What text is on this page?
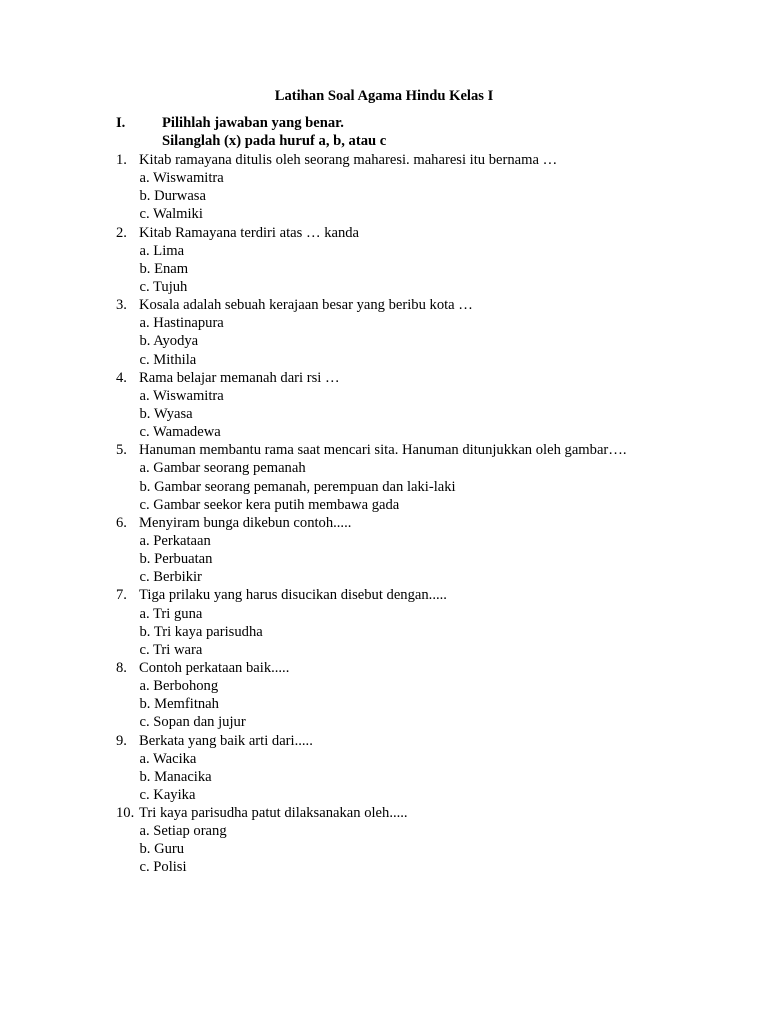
Latihan Soal Agama Hindu Kelas I
I.	Pilihlah jawaban yang benar.
Silanglah (x) pada huruf a, b, atau c
1. Kitab ramayana ditulis oleh seorang maharesi. maharesi itu bernama …
a. Wiswamitra
b. Durwasa
c. Walmiki
2. Kitab Ramayana terdiri atas … kanda
a. Lima
b. Enam
c. Tujuh
3. Kosala adalah sebuah kerajaan besar yang beribu kota …
a. Hastinapura
b. Ayodya
c. Mithila
4. Rama belajar memanah dari rsi …
a. Wiswamitra
b. Wyasa
c. Wamadewa
5. Hanuman membantu rama saat mencari sita. Hanuman ditunjukkan oleh gambar….
a. Gambar seorang pemanah
b. Gambar seorang pemanah, perempuan dan laki-laki
c. Gambar seekor kera putih membawa gada
6. Menyiram bunga dikebun contoh.....
a. Perkataan
b. Perbuatan
c. Berbikir
7. Tiga prilaku yang harus disucikan disebut dengan.....
a. Tri guna
b. Tri kaya parisudha
c. Tri wara
8. Contoh perkataan baik.....
a. Berbohong
b. Memfitnah
c. Sopan dan jujur
9. Berkata yang baik arti dari.....
a. Wacika
b. Manacika
c. Kayika
10. Tri kaya parisudha patut dilaksanakan oleh.....
a. Setiap orang
b. Guru
c. Polisi
